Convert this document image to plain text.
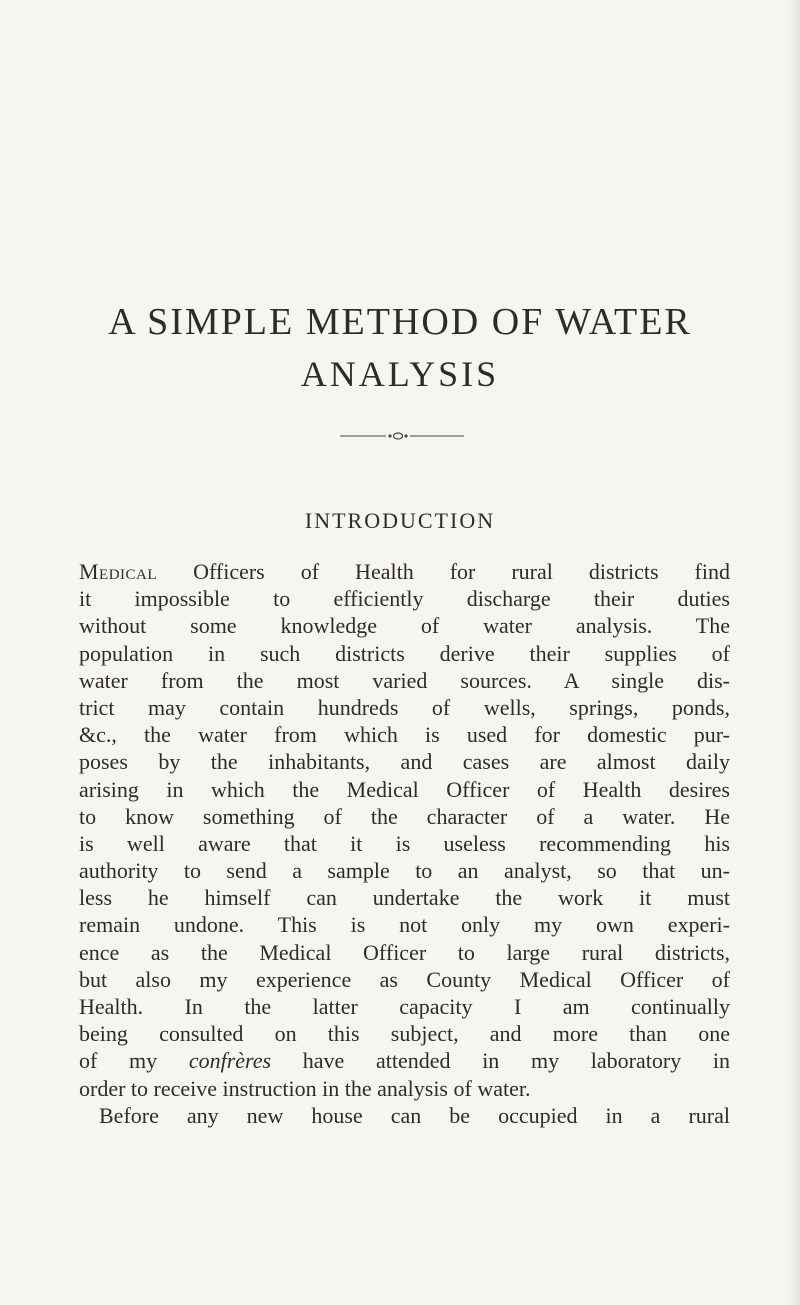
A SIMPLE METHOD OF WATER
ANALYSIS
INTRODUCTION
Medical Officers of Health for rural districts find
it impossible to efficiently discharge their duties
without some knowledge of water analysis. The
population in such districts derive their supplies of
water from the most varied sources. A single dis-
trict may contain hundreds of wells, springs, ponds,
&c., the water from which is used for domestic pur-
poses by the inhabitants, and cases are almost daily
arising in which the Medical Officer of Health desires
to know something of the character of a water. He
is well aware that it is useless recommending his
authority to send a sample to an analyst, so that un-
less he himself can undertake the work it must
remain undone. This is not only my own experi-
ence as the Medical Officer to large rural districts,
but also my experience as County Medical Officer of
Health. In the latter capacity I am continually
being consulted on this subject, and more than one
of my confrères have attended in my laboratory in
order to receive instruction in the analysis of water.
Before any new house can be occupied in a rural
